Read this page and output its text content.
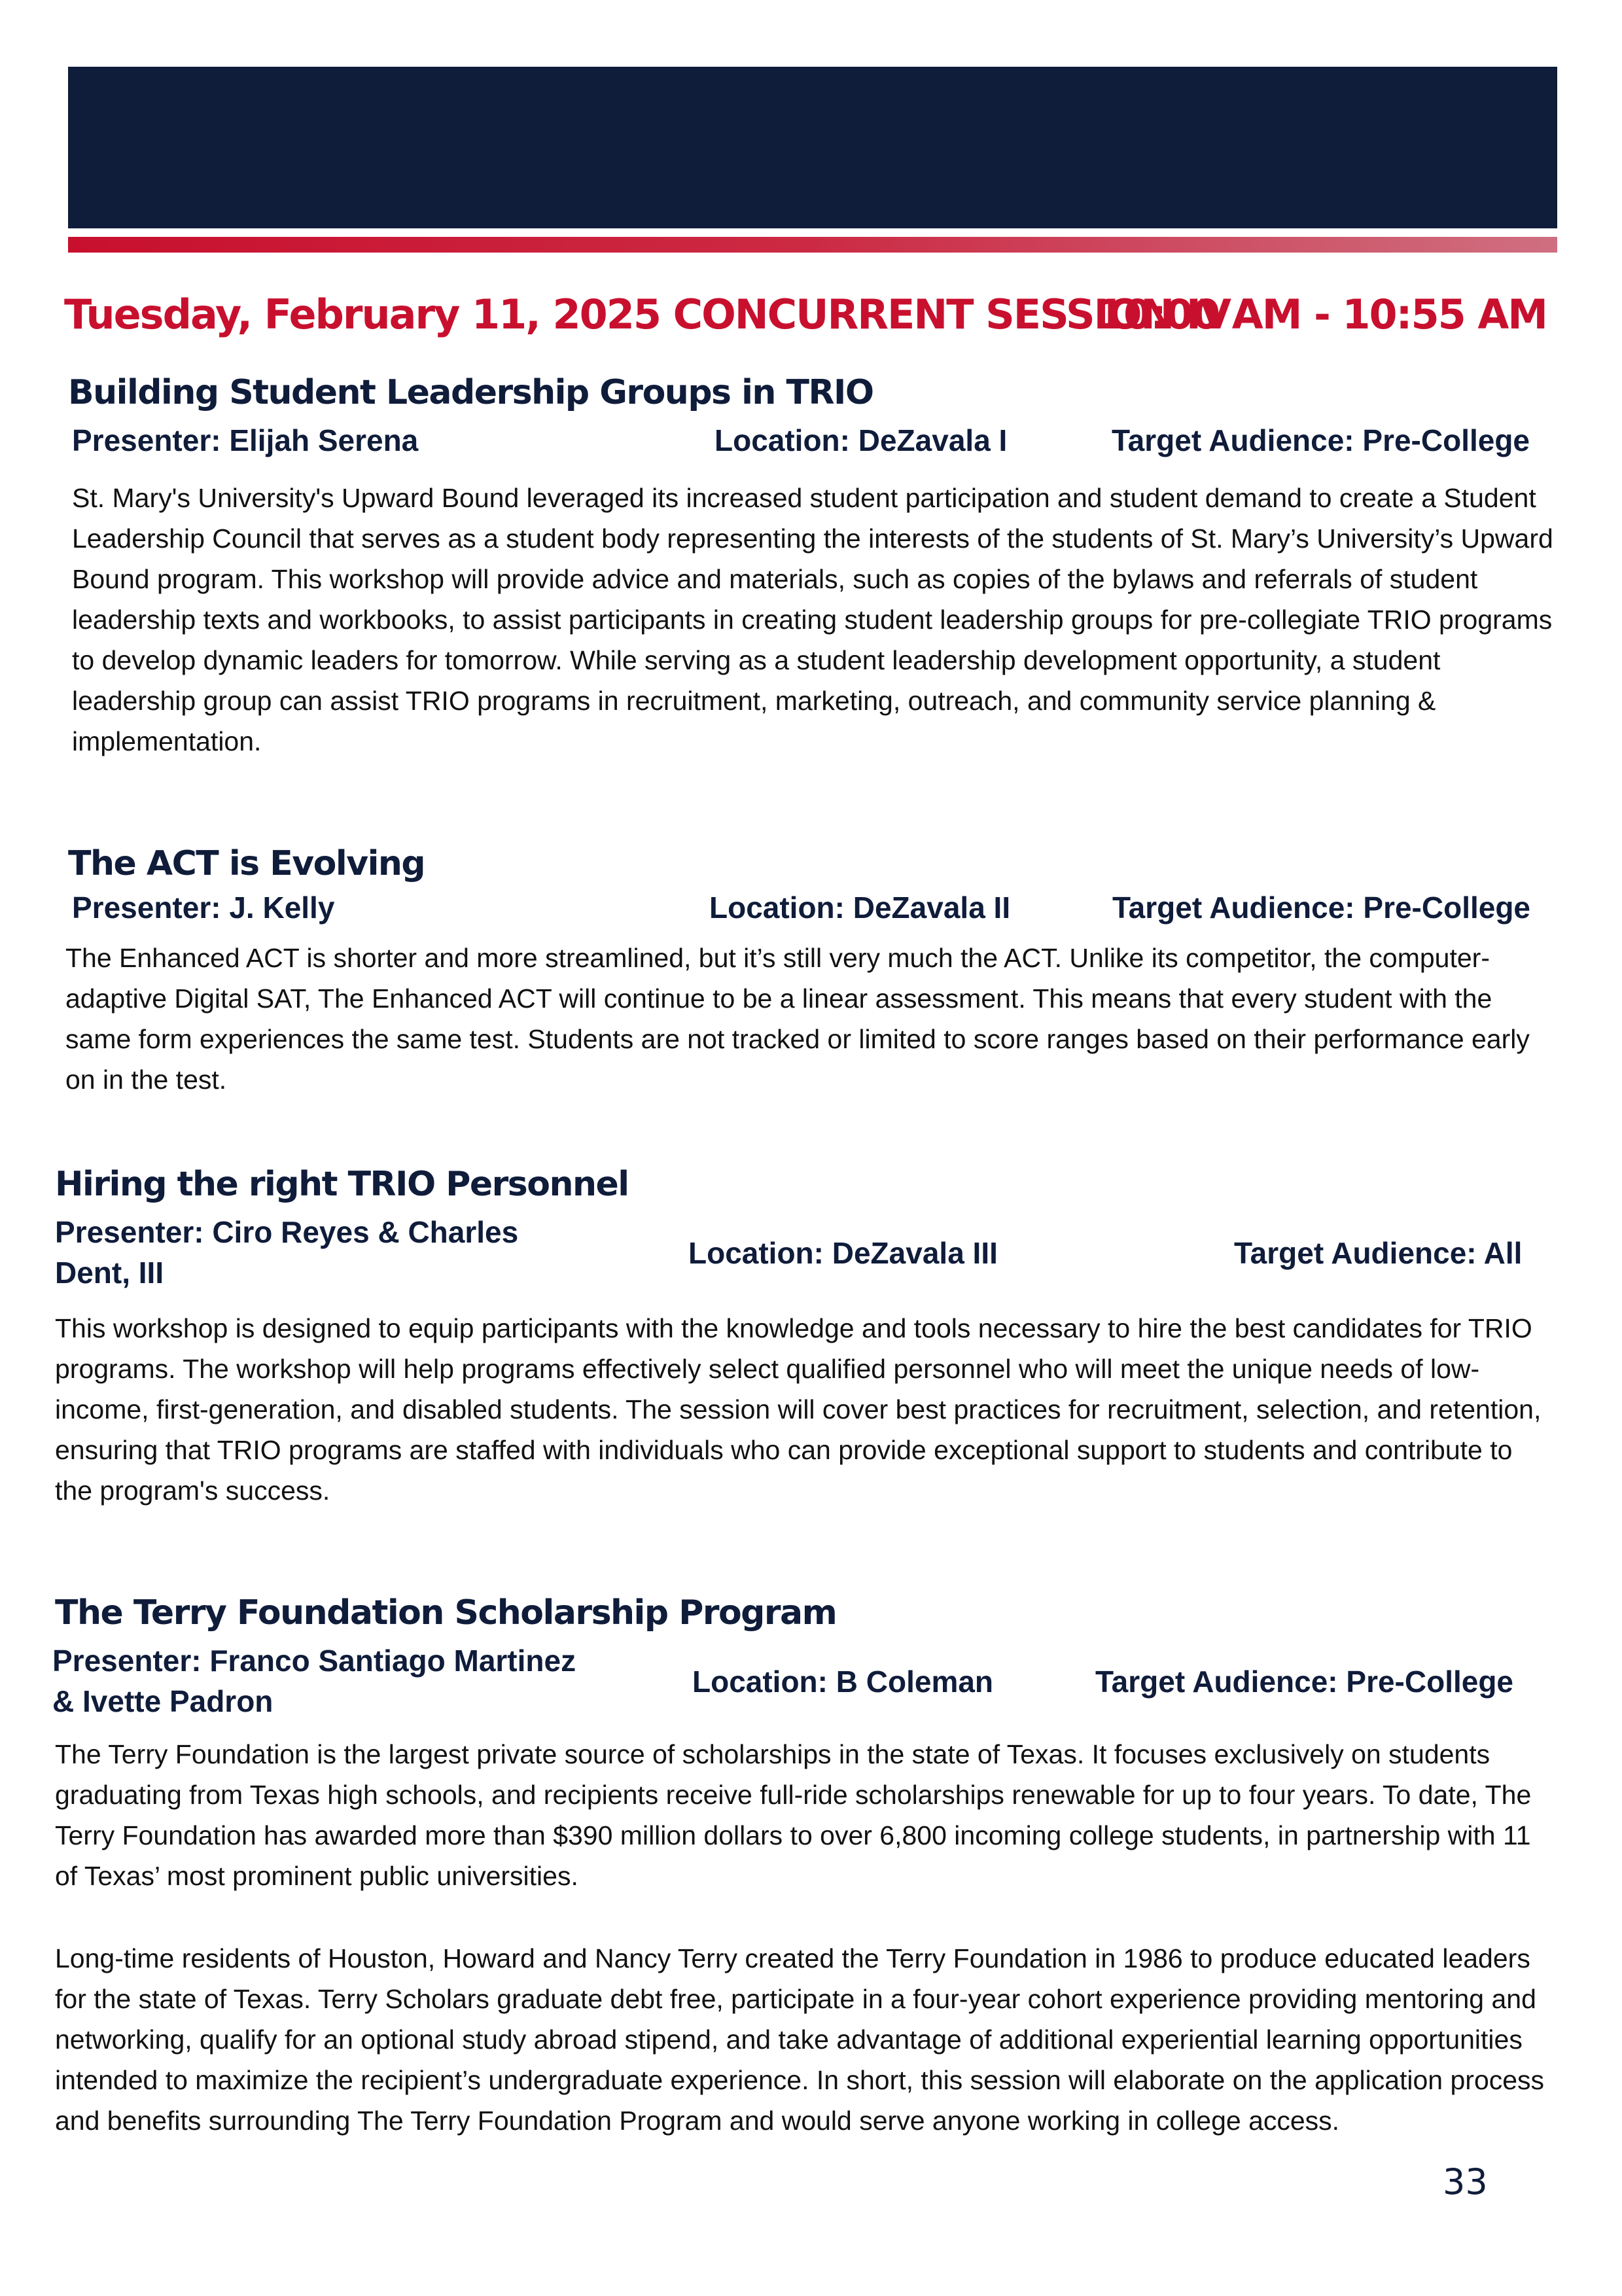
Tuesday, February 11, 2025 CONCURRENT SESSION IV
10:00 AM - 10:55 AM
Building Student Leadership Groups in TRIO
Presenter: Elijah Serena	Location: DeZavala I	Target Audience: Pre-College

St. Mary's University's Upward Bound leveraged its increased student participation and student demand to create a Student Leadership Council that serves as a student body representing the interests of the students of St. Mary’s University’s Upward Bound program. This workshop will provide advice and materials, such as copies of the bylaws and referrals of student leadership texts and workbooks, to assist participants in creating student leadership groups for pre-collegiate TRIO programs to develop dynamic leaders for tomorrow. While serving as a student leadership development opportunity, a student leadership group can assist TRIO programs in recruitment, marketing, outreach, and community service planning & implementation.

The ACT is Evolving
Presenter: J. Kelly	Location: DeZavala II	Target Audience: Pre-College

The Enhanced ACT is shorter and more streamlined, but it’s still very much the ACT. Unlike its competitor, the computer-adaptive Digital SAT, The Enhanced ACT will continue to be a linear assessment. This means that every student with the same form experiences the same test. Students are not tracked or limited to score ranges based on their performance early on in the test.

Hiring the right TRIO Personnel
Presenter: Ciro Reyes & Charles
Dent, III
Location: DeZavala III	Target Audience: All

This workshop is designed to equip participants with the knowledge and tools necessary to hire the best candidates for TRIO programs. The workshop will help programs effectively select qualified personnel who will meet the unique needs of low-income, first-generation, and disabled students. The session will cover best practices for recruitment, selection, and retention, ensuring that TRIO programs are staffed with individuals who can provide exceptional support to students and contribute to the program's success.

The Terry Foundation Scholarship Program
Presenter: Franco Santiago Martinez
& Ivette Padron
Location: B Coleman	Target Audience: Pre-College

The Terry Foundation is the largest private source of scholarships in the state of Texas. It focuses exclusively on students graduating from Texas high schools, and recipients receive full-ride scholarships renewable for up to four years. To date, The Terry Foundation has awarded more than $390 million dollars to over 6,800 incoming college students, in partnership with 11 of Texas’ most prominent public universities.

Long-time residents of Houston, Howard and Nancy Terry created the Terry Foundation in 1986 to produce educated leaders for the state of Texas. Terry Scholars graduate debt free, participate in a four-year cohort experience providing mentoring and networking, qualify for an optional study abroad stipend, and take advantage of additional experiential learning opportunities intended to maximize the recipient’s undergraduate experience. In short, this session will elaborate on the application process and benefits surrounding The Terry Foundation Program and would serve anyone working in college access.

33
